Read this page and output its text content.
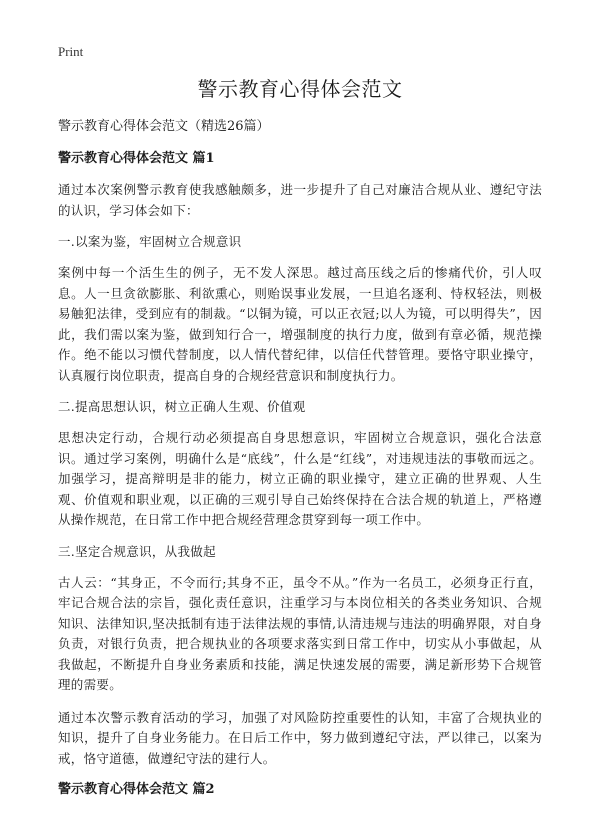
Print

警示教育心得体会范文

警示教育心得体会范文（精选26篇）

警示教育心得体会范文 篇1

通过本次案例警示教育使我感触颇多，进一步提升了自己对廉洁合规从业、遵纪守法的认识，学习体会如下：

一.以案为鉴，牢固树立合规意识

案例中每一个活生生的例子，无不发人深思。越过高压线之后的惨痛代价，引人叹息。人一旦贪欲膨胀、利欲熏心，则贻误事业发展，一旦追名逐利、恃权轻法，则极易触犯法律，受到应有的制裁。“以铜为镜，可以正衣冠;以人为镜，可以明得失”，因此，我们需以案为鉴，做到知行合一，增强制度的执行力度，做到有章必循，规范操作。绝不能以习惯代替制度，以人情代替纪律，以信任代替管理。要恪守职业操守，认真履行岗位职责，提高自身的合规经营意识和制度执行力。

二.提高思想认识，树立正确人生观、价值观

思想决定行动，合规行动必须提高自身思想意识，牢固树立合规意识，强化合法意识。通过学习案例，明确什么是“底线”，什么是“红线”，对违规违法的事敬而远之。加强学习，提高辩明是非的能力，树立正确的职业操守，建立正确的世界观、人生观、价值观和职业观，以正确的三观引导自己始终保持在合法合规的轨道上，严格遵从操作规范，在日常工作中把合规经营理念贯穿到每一项工作中。

三.坚定合规意识，从我做起

古人云：“其身正，不令而行;其身不正，虽令不从。”作为一名员工，必须身正行直，牢记合规合法的宗旨，强化责任意识，注重学习与本岗位相关的各类业务知识、合规知识、法律知识,坚决抵制有违于法律法规的事情,认清违规与违法的明确界限，对自身负责，对银行负责，把合规执业的各项要求落实到日常工作中，切实从小事做起，从我做起，不断提升自身业务素质和技能，满足快速发展的需要，满足新形势下合规管理的需要。

通过本次警示教育活动的学习，加强了对风险防控重要性的认知，丰富了合规执业的知识，提升了自身业务能力。在日后工作中，努力做到遵纪守法，严以律己，以案为戒，恪守道德，做遵纪守法的建行人。

警示教育心得体会范文 篇2
